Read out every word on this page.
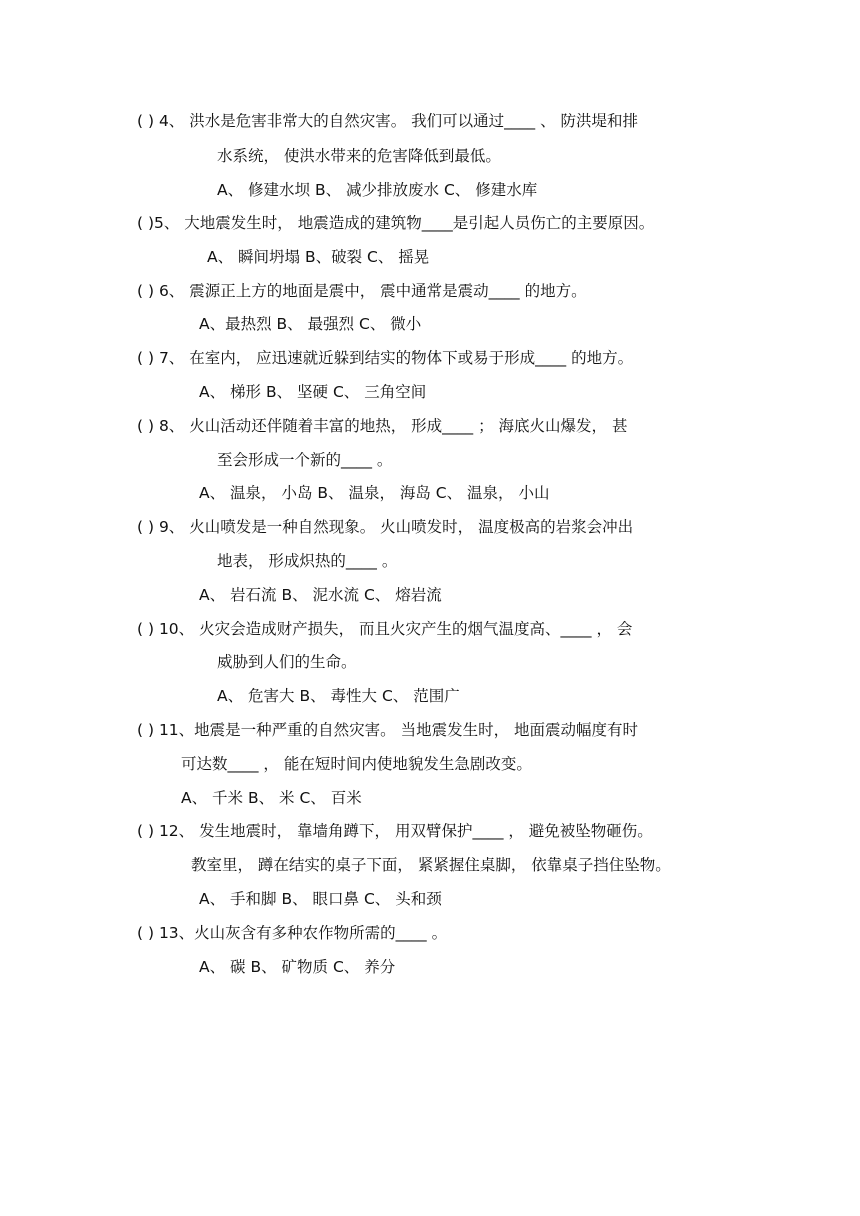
( ) 4、 洪水是危害非常大的自然灾害。 我们可以通过____ 、 防洪堤和排
水系统， 使洪水带来的危害降低到最低。
A、 修建水坝 B、 减少排放废水 C、 修建水库
( )5、 大地震发生时， 地震造成的建筑物____是引起人员伤亡的主要原因。
A、 瞬间坍塌 B、破裂 C、 摇晃
( ) 6、 震源正上方的地面是震中， 震中通常是震动____ 的地方。
A、最热烈 B、 最强烈 C、 微小
( ) 7、 在室内， 应迅速就近躲到结实的物体下或易于形成____ 的地方。
A、 梯形 B、 坚硬 C、 三角空间
( ) 8、 火山活动还伴随着丰富的地热， 形成____ ； 海底火山爆发， 甚
至会形成一个新的____ 。
A、 温泉， 小岛 B、 温泉， 海岛 C、 温泉， 小山
( ) 9、 火山喷发是一种自然现象。 火山喷发时， 温度极高的岩浆会冲出
地表， 形成炽热的____ 。
A、 岩石流 B、 泥水流 C、 熔岩流
( ) 10、 火灾会造成财产损失， 而且火灾产生的烟气温度高、____ ， 会
威胁到人们的生命。
A、 危害大 B、 毒性大 C、 范围广
( ) 11、地震是一种严重的自然灾害。 当地震发生时， 地面震动幅度有时
可达数____ ， 能在短时间内使地貌发生急剧改变。
A、 千米 B、 米 C、 百米
( ) 12、 发生地震时， 靠墙角蹲下， 用双臂保护____ ， 避免被坠物砸伤。
教室里， 蹲在结实的桌子下面， 紧紧握住桌脚， 依靠桌子挡住坠物。
A、 手和脚 B、 眼口鼻 C、 头和颈
( ) 13、火山灰含有多种农作物所需的____ 。
A、 碳 B、 矿物质 C、 养分
